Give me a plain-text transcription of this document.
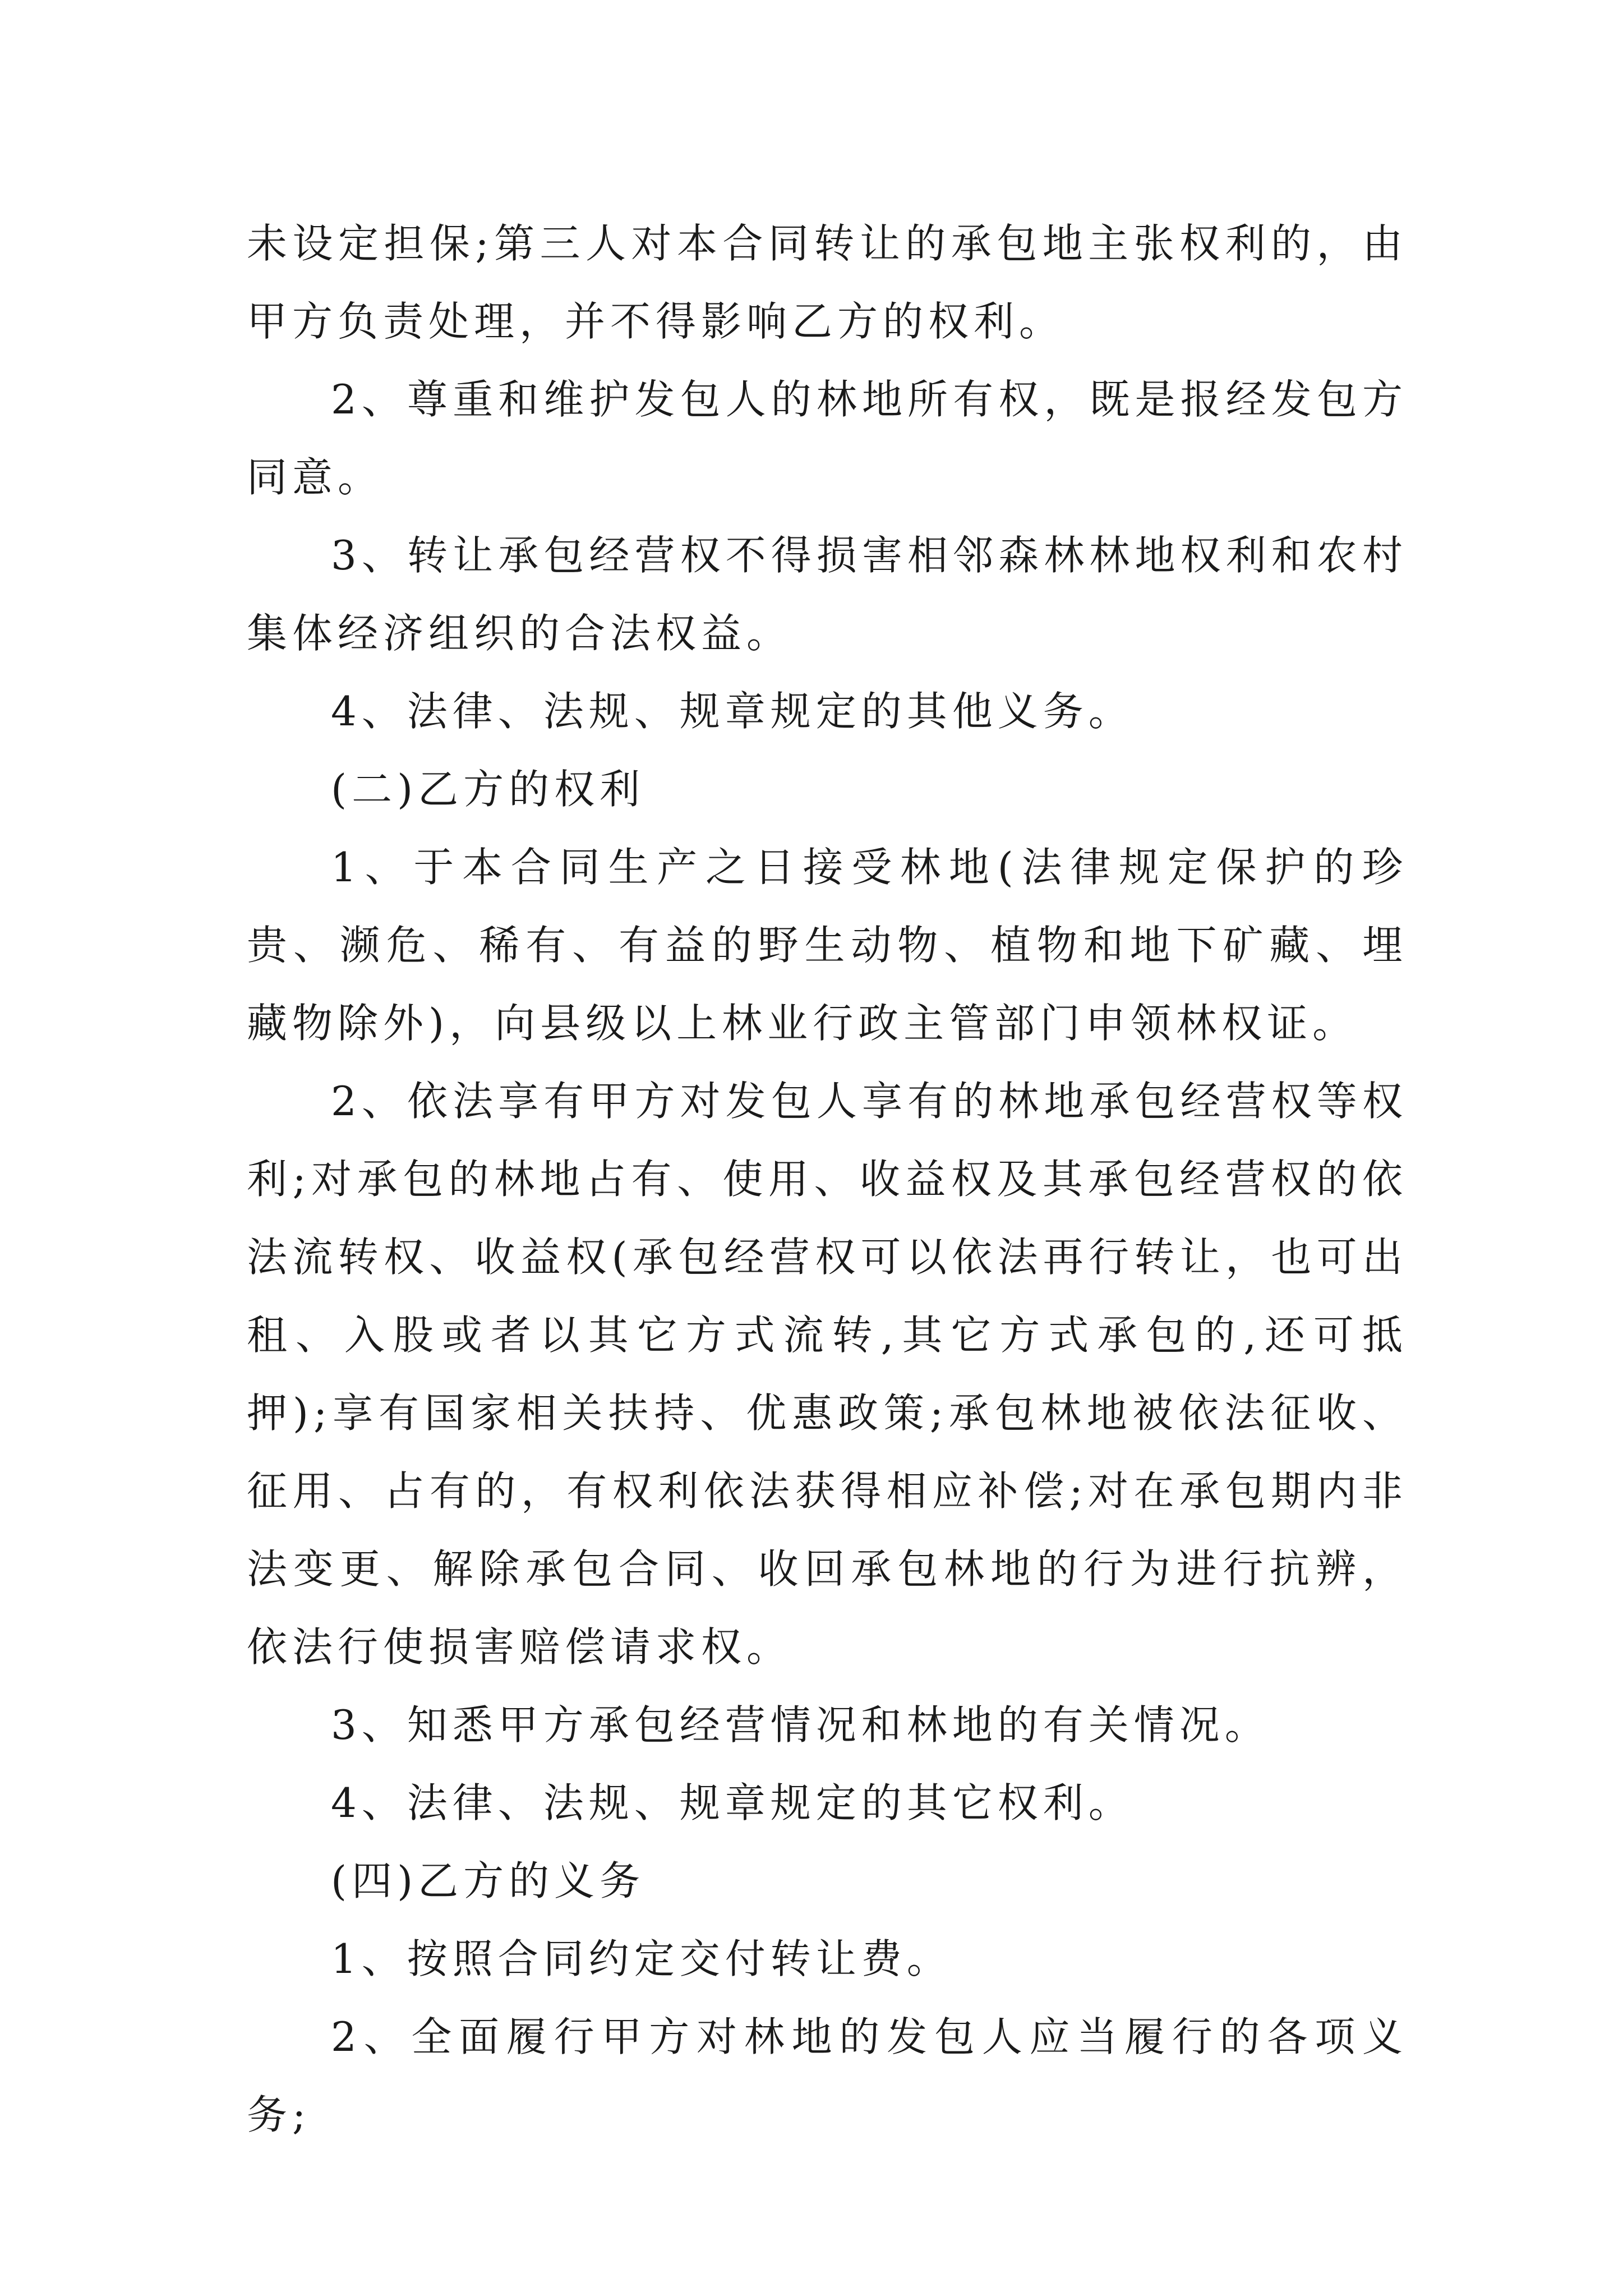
未设定担保;第三人对本合同转让的承包地主张权利的，由甲方负责处理，并不得影响乙方的权利。

2、尊重和维护发包人的林地所有权，既是报经发包方同意。

3、转让承包经营权不得损害相邻森林林地权利和农村集体经济组织的合法权益。

4、法律、法规、规章规定的其他义务。

(二)乙方的权利

1、于本合同生产之日接受林地(法律规定保护的珍贵、濒危、稀有、有益的野生动物、植物和地下矿藏、埋藏物除外)，向县级以上林业行政主管部门申领林权证。

2、依法享有甲方对发包人享有的林地承包经营权等权利;对承包的林地占有、使用、收益权及其承包经营权的依法流转权、收益权(承包经营权可以依法再行转让，也可出租、入股或者以其它方式流转,其它方式承包的,还可抵押);享有国家相关扶持、优惠政策;承包林地被依法征收、征用、占有的，有权利依法获得相应补偿;对在承包期内非法变更、解除承包合同、收回承包林地的行为进行抗辨，依法行使损害赔偿请求权。

3、知悉甲方承包经营情况和林地的有关情况。

4、法律、法规、规章规定的其它权利。

(四)乙方的义务

1、按照合同约定交付转让费。

2、全面履行甲方对林地的发包人应当履行的各项义务;
